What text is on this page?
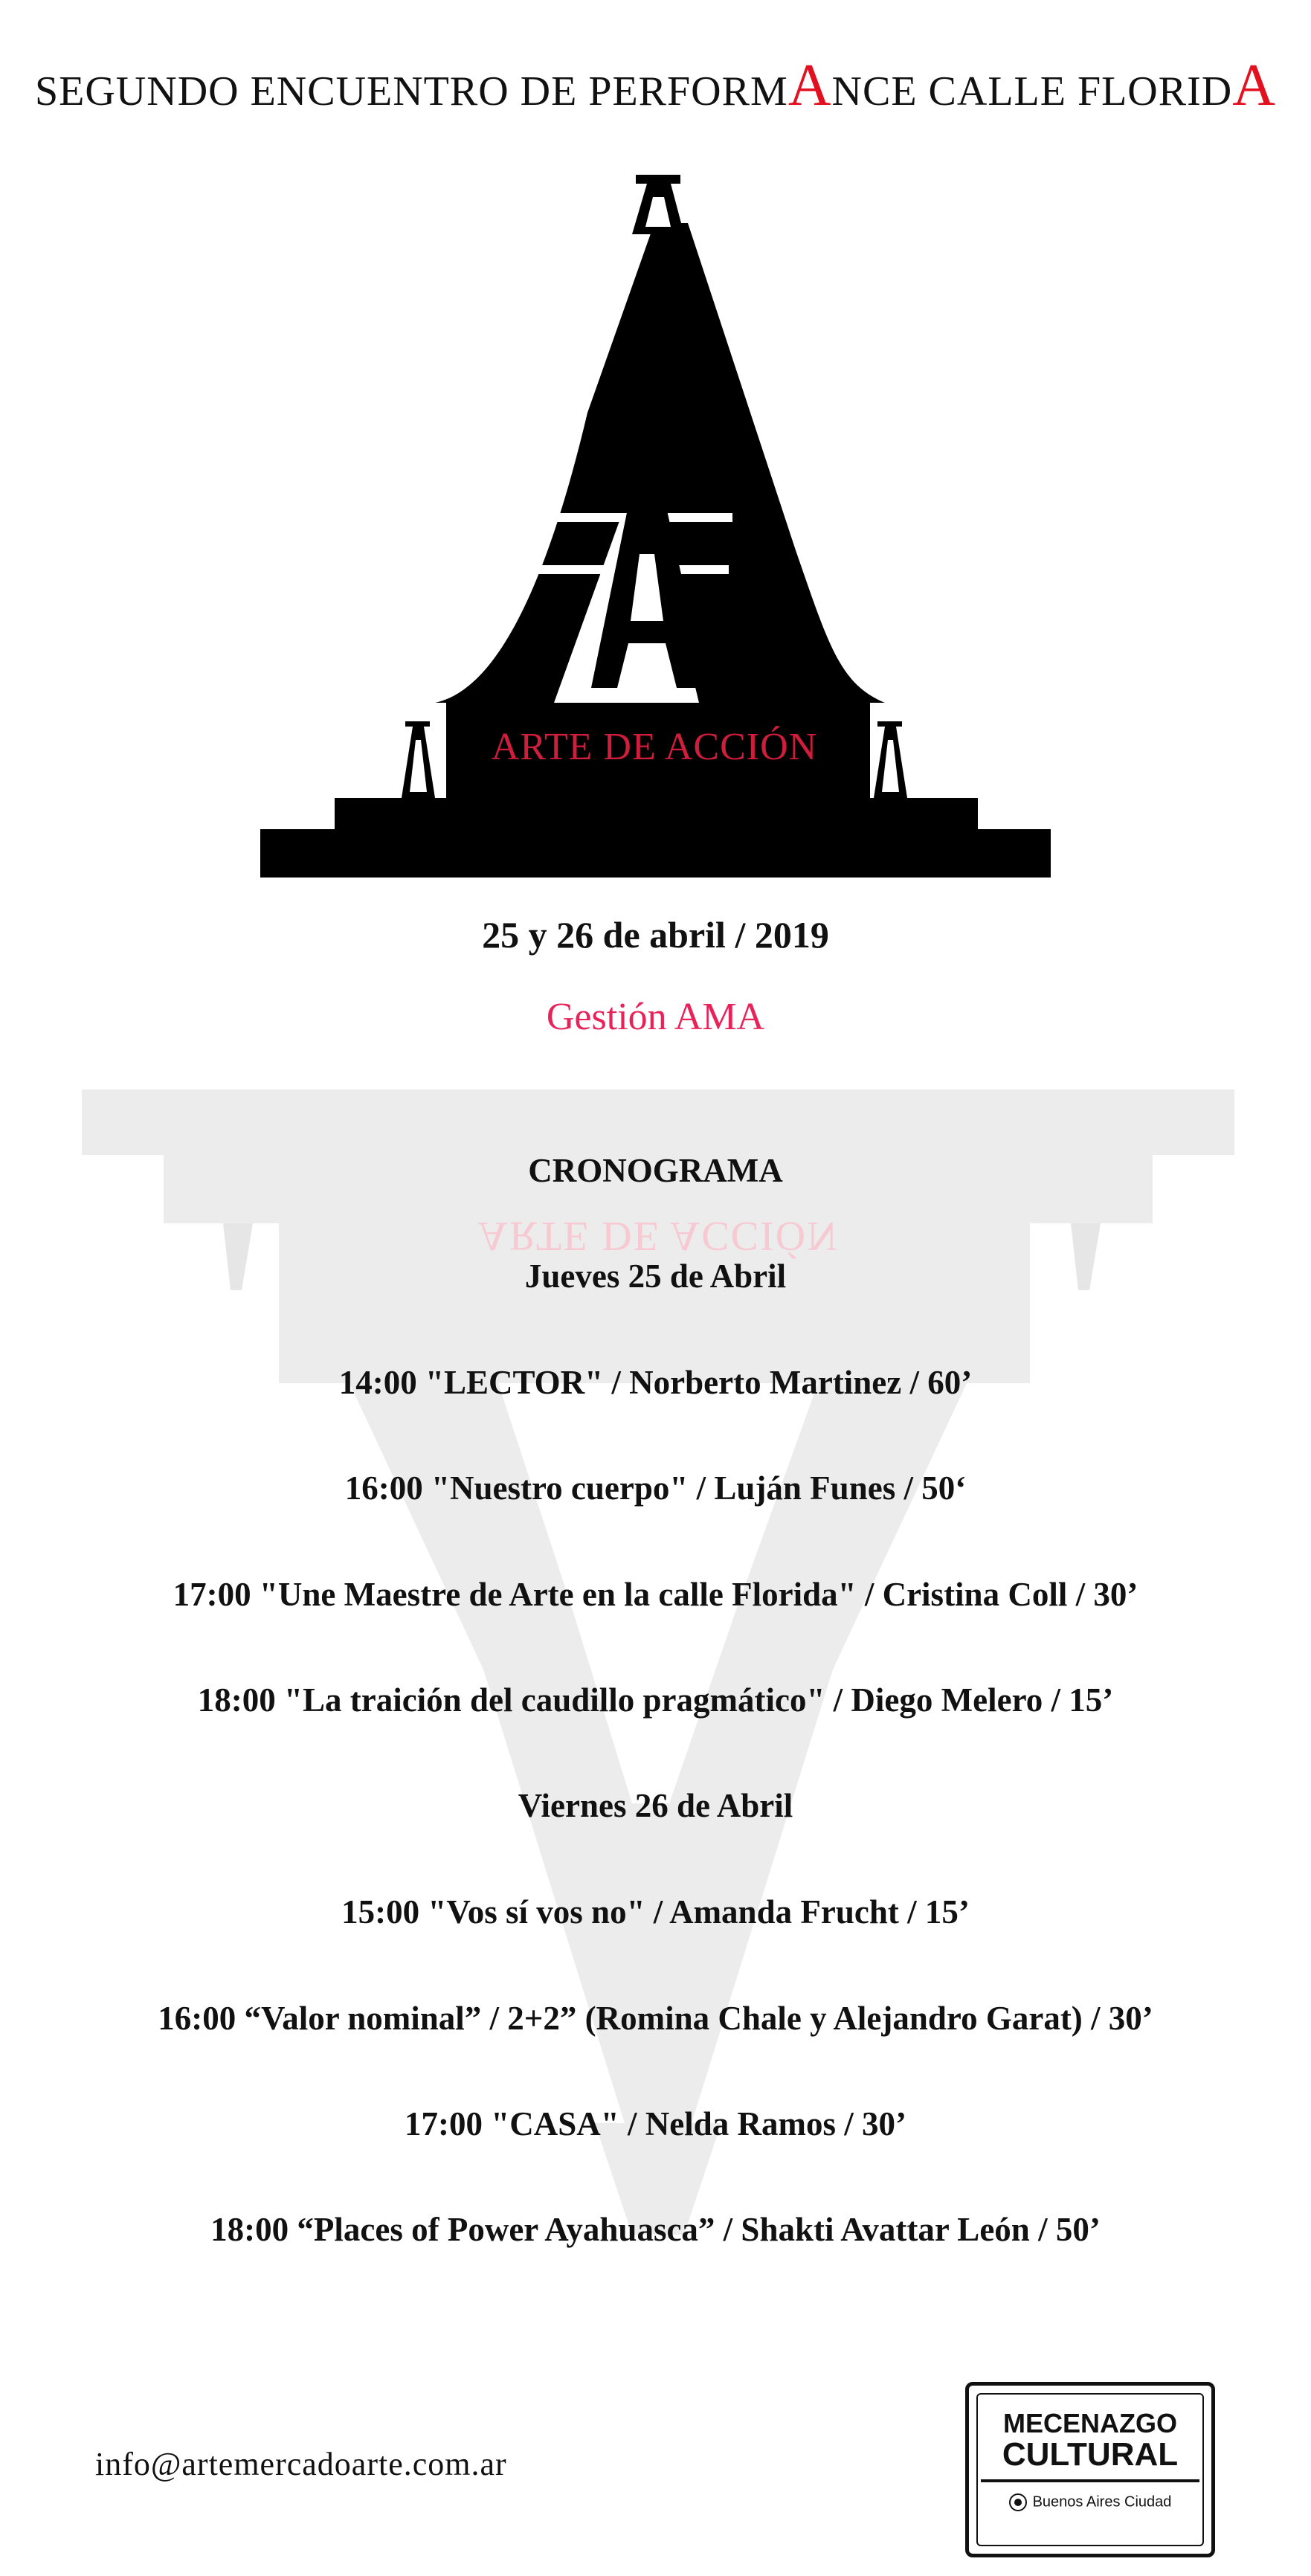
SEGUNDO ENCUENTRO DE PERFORMANCE CALLE FLORIDA
ARTE DE ACCIÓN
ARTE DE ACCIÓN
25 y 26 de abril / 2019
Gestión AMA
CRONOGRAMA
Jueves 25 de Abril
14:00 "LECTOR" / Norberto Martinez / 60’
16:00 "Nuestro cuerpo" / Luján Funes / 50‘
17:00 "Une Maestre de Arte en la calle Florida" / Cristina Coll / 30’
18:00 "La traición del caudillo pragmático" / Diego Melero / 15’
Viernes 26 de Abril
15:00 "Vos sí vos no" / Amanda Frucht / 15’
16:00 “Valor nominal” / 2+2” (Romina Chale y Alejandro Garat) / 30’
17:00 "CASA" / Nelda Ramos / 30’
18:00 “Places of Power Ayahuasca” / Shakti Avattar León / 50’
info@artemercadoarte.com.ar
MECENAZGO
CULTURAL
Buenos Aires Ciudad
